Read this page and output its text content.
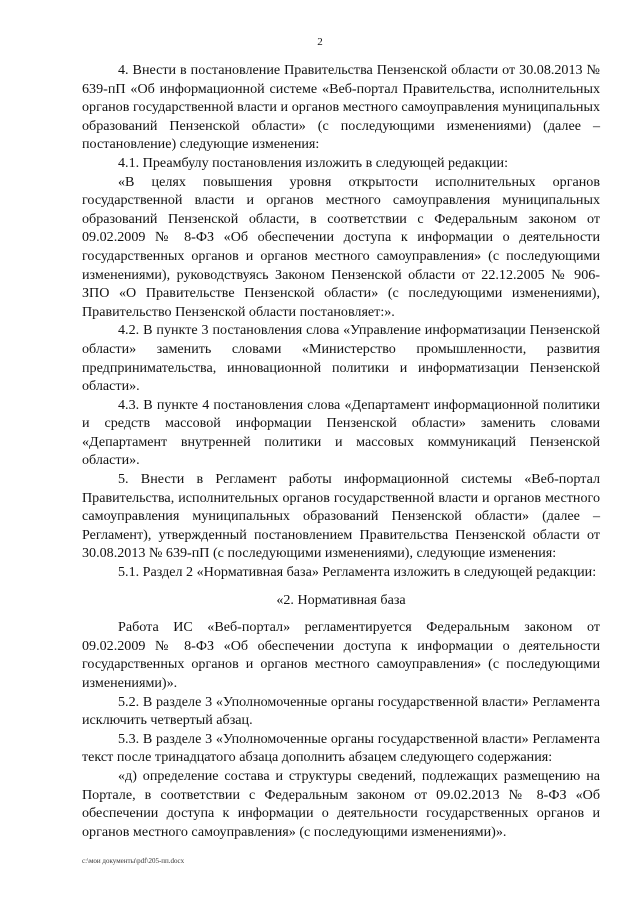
2

4. Внести в постановление Правительства Пензенской области от 30.08.2013 № 639-пП «Об информационной системе «Веб-портал Правительства, исполнительных органов государственной власти и органов местного самоуправления муниципальных образований Пензенской области» (с последующими изменениями) (далее – постановление) следующие изменения:

4.1. Преамбулу постановления изложить в следующей редакции:

«В целях повышения уровня открытости исполнительных органов государственной власти и органов местного самоуправления муниципальных образований Пензенской области, в соответствии с Федеральным законом от 09.02.2009 № 8-ФЗ «Об обеспечении доступа к информации о деятельности государственных органов и органов местного самоуправления» (с последующими изменениями), руководствуясь Законом Пензенской области от 22.12.2005 № 906-ЗПО «О Правительстве Пензенской области» (с последующими изменениями), Правительство Пензенской области постановляет:».

4.2. В пункте 3 постановления слова «Управление информатизации Пензенской области» заменить словами «Министерство промышленности, развития предпринимательства, инновационной политики и информатизации Пензенской области».

4.3. В пункте 4 постановления слова «Департамент информационной политики и средств массовой информации Пензенской области» заменить словами «Департамент внутренней политики и массовых коммуникаций Пензенской области».

5. Внести в Регламент работы информационной системы «Веб-портал Правительства, исполнительных органов государственной власти и органов местного самоуправления муниципальных образований Пензенской области» (далее – Регламент), утвержденный постановлением Правительства Пензенской области от 30.08.2013 № 639-пП (с последующими изменениями), следующие изменения:

5.1. Раздел 2 «Нормативная база» Регламента изложить в следующей редакции:

«2. Нормативная база

Работа ИС «Веб-портал» регламентируется Федеральным законом от 09.02.2009 № 8-ФЗ «Об обеспечении доступа к информации о деятельности государственных органов и органов местного самоуправления» (с последующими изменениями)».

5.2. В разделе 3 «Уполномоченные органы государственной власти» Регламента исключить четвертый абзац.

5.3. В разделе 3 «Уполномоченные органы государственной власти» Регламента текст после тринадцатого абзаца дополнить абзацем следующего содержания:

«д) определение состава и структуры сведений, подлежащих размещению на Портале, в соответствии с Федеральным законом от 09.02.2013 № 8-ФЗ «Об обеспечении доступа к информации о деятельности государственных органов и органов местного самоуправления» (с последующими изменениями)».

c:\мои документы\pdf\205-пп.docx
